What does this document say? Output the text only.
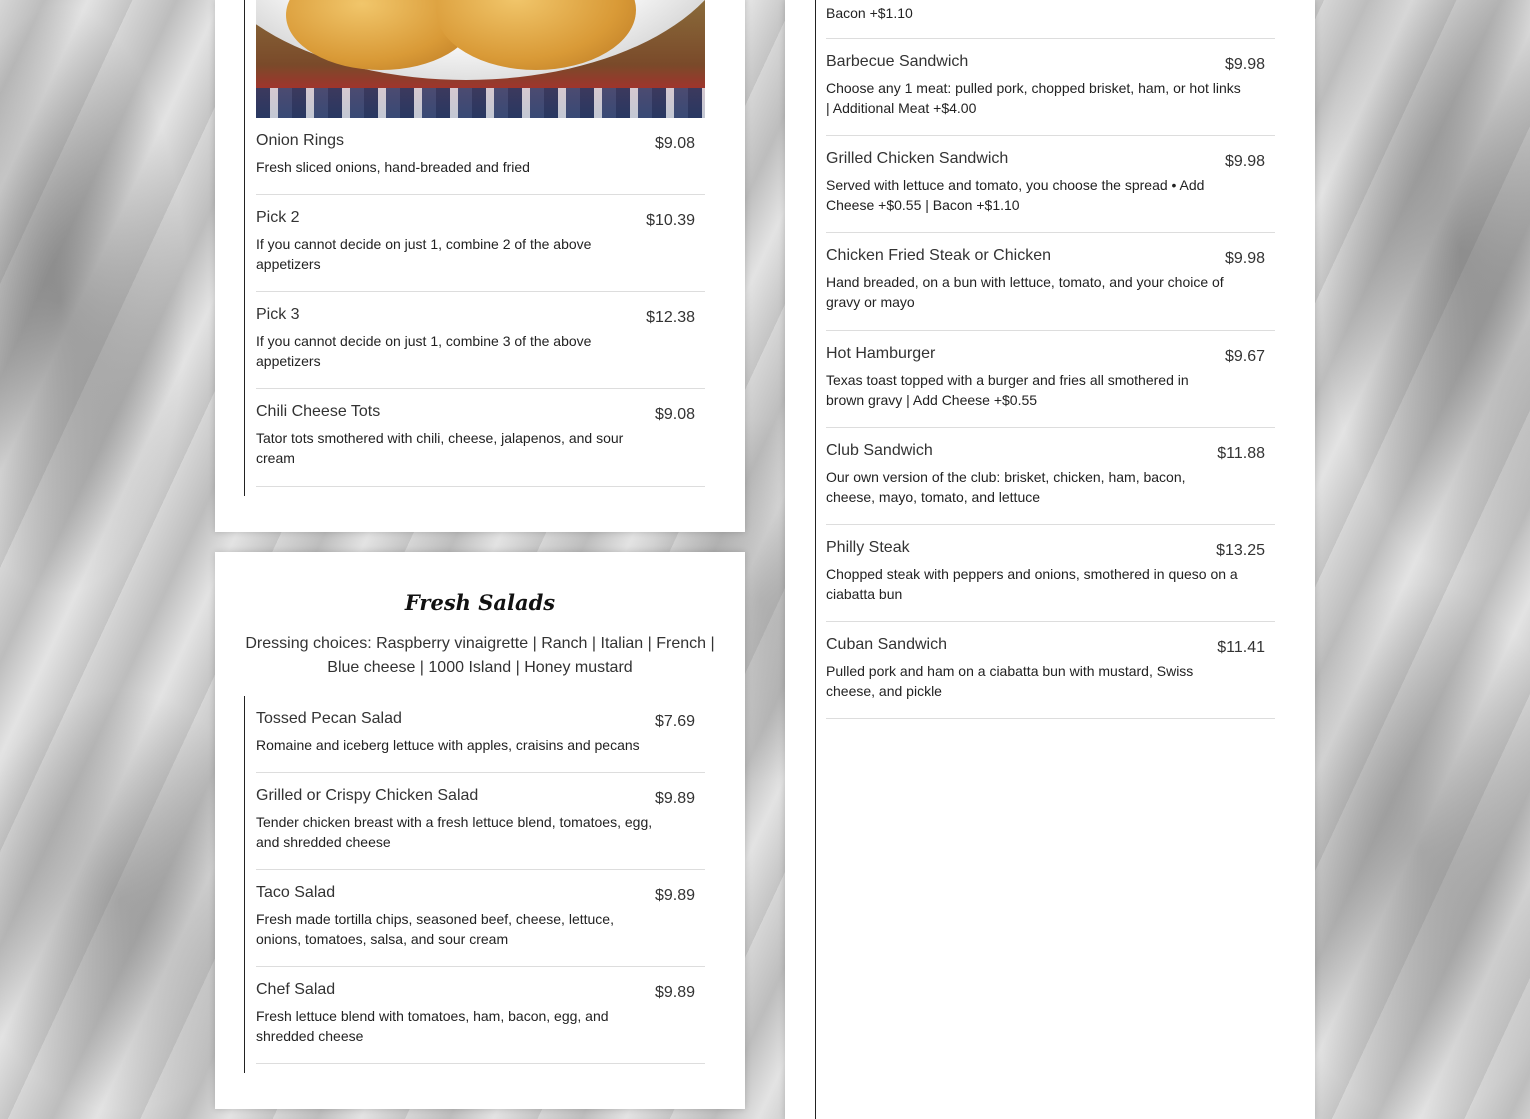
Onion Rings	$9.08
Fresh sliced onions, hand-breaded and fried
Pick 2	$10.39
If you cannot decide on just 1, combine 2 of the above appetizers
Pick 3	$12.38
If you cannot decide on just 1, combine 3 of the above appetizers
Chili Cheese Tots	$9.08
Tator tots smothered with chili, cheese, jalapenos, and sour cream
Fresh Salads
Dressing choices: Raspberry vinaigrette | Ranch | Italian | French | Blue cheese | 1000 Island | Honey mustard
Tossed Pecan Salad	$7.69
Romaine and iceberg lettuce with apples, craisins and pecans
Grilled or Crispy Chicken Salad	$9.89
Tender chicken breast with a fresh lettuce blend, tomatoes, egg, and shredded cheese
Taco Salad	$9.89
Fresh made tortilla chips, seasoned beef, cheese, lettuce, onions, tomatoes, salsa, and sour cream
Chef Salad	$9.89
Fresh lettuce blend with tomatoes, ham, bacon, egg, and shredded cheese
Bacon +$1.10
Barbecue Sandwich	$9.98
Choose any 1 meat: pulled pork, chopped brisket, ham, or hot links | Additional Meat +$4.00
Grilled Chicken Sandwich	$9.98
Served with lettuce and tomato, you choose the spread • Add Cheese +$0.55 | Bacon +$1.10
Chicken Fried Steak or Chicken	$9.98
Hand breaded, on a bun with lettuce, tomato, and your choice of gravy or mayo
Hot Hamburger	$9.67
Texas toast topped with a burger and fries all smothered in brown gravy | Add Cheese +$0.55
Club Sandwich	$11.88
Our own version of the club: brisket, chicken, ham, bacon, cheese, mayo, tomato, and lettuce
Philly Steak	$13.25
Chopped steak with peppers and onions, smothered in queso on a ciabatta bun
Cuban Sandwich	$11.41
Pulled pork and ham on a ciabatta bun with mustard, Swiss cheese, and pickle
